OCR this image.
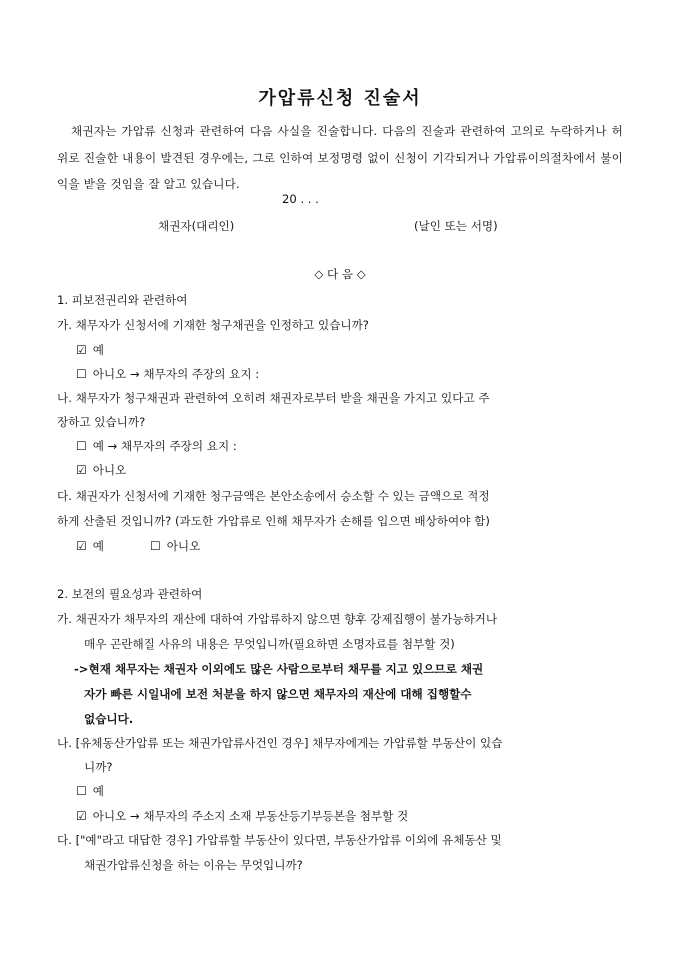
가압류신청 진술서
채권자는 가압류 신청과 관련하여 다음 사실을 진술합니다. 다음의 진술과 관련하여 고의로 누락하거나 허위로 진술한 내용이 발견된 경우에는, 그로 인하여 보정명령 없이 신청이 기각되거나 가압류이의절차에서 불이익을 받을 것임을 잘 알고 있습니다.
20 . . .
채권자(대리인)	(날인 또는 서명)
◇ 다 음 ◇
1. 피보전권리와 관련하여
가. 채무자가 신청서에 기재한 청구채권을 인정하고 있습니까?
☑ 예
☐ 아니오 → 채무자의 주장의 요지 :
나. 채무자가 청구채권과 관련하여 오히려 채권자로부터 받을 채권을 가지고 있다고 주
장하고 있습니까?
☐ 예 → 채무자의 주장의 요지 :
☑ 아니오
다. 채권자가 신청서에 기재한 청구금액은 본안소송에서 승소할 수 있는 금액으로 적정
하게 산출된 것입니까? (과도한 가압류로 인해 채무자가 손해를 입으면 배상하여야 함)
☑ 예	☐ 아니오
2. 보전의 필요성과 관련하여
가. 채권자가 채무자의 재산에 대하여 가압류하지 않으면 향후 강제집행이 불가능하거나
매우 곤란해질 사유의 내용은 무엇입니까(필요하면 소명자료를 첨부할 것)
->현재 채무자는 채권자 이외에도 많은 사람으로부터 채무를 지고 있으므로 채권
자가 빠른 시일내에 보전 처분을 하지 않으면 채무자의 재산에 대해 집행할수
없습니다.
나. [유체동산가압류 또는 채권가압류사건인 경우] 채무자에게는 가압류할 부동산이 있습
니까?
☐ 예
☑ 아니오 → 채무자의 주소지 소재 부동산등기부등본을 첨부할 것
다. ["예"라고 대답한 경우] 가압류할 부동산이 있다면, 부동산가압류 이외에 유체동산 및
채권가압류신청을 하는 이유는 무엇입니까?
